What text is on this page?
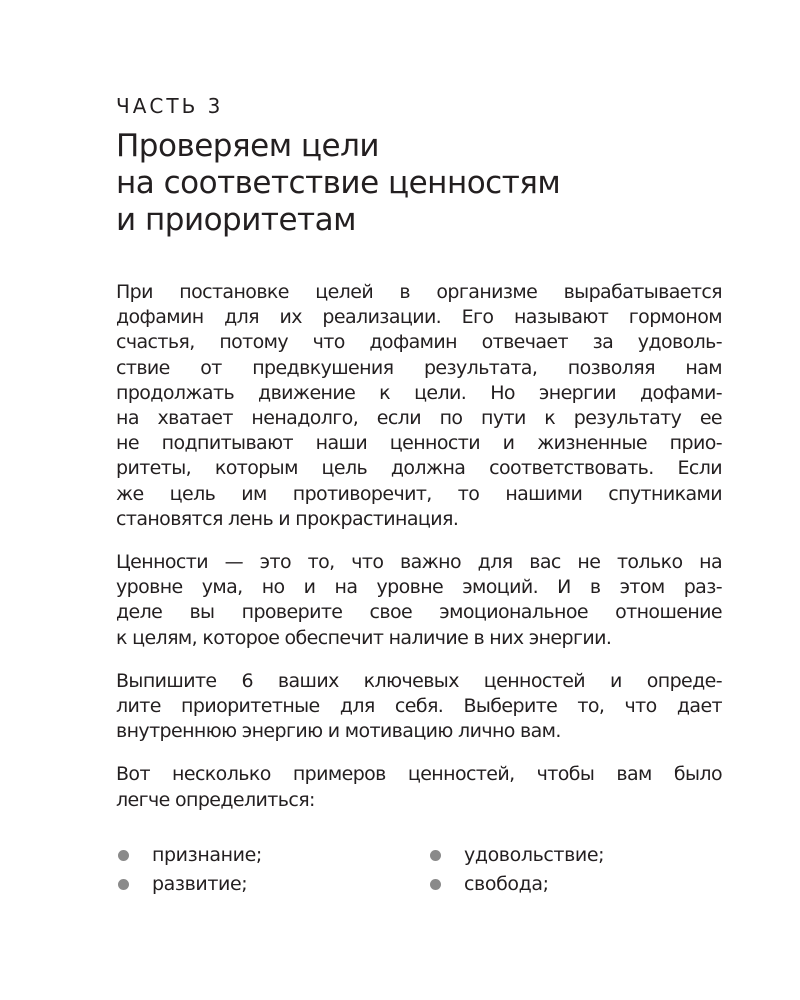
ЧАСТЬ 3
Проверяем цели
на соответствие ценностям
и приоритетам

При постановке целей в организме вырабатывается
дофамин для их реализации. Его называют гормоном
счастья, потому что дофамин отвечает за удоволь-
ствие от предвкушения результата, позволяя нам
продолжать движение к цели. Но энергии дофами-
на хватает ненадолго, если по пути к результату ее
не подпитывают наши ценности и жизненные прио-
ритеты, которым цель должна соответствовать. Если
же цель им противоречит, то нашими спутниками
становятся лень и прокрастинация.

Ценности — это то, что важно для вас не только на
уровне ума, но и на уровне эмоций. И в этом раз-
деле вы проверите свое эмоциональное отношение
к целям, которое обеспечит наличие в них энергии.

Выпишите 6 ваших ключевых ценностей и опреде-
лите приоритетные для себя. Выберите то, что дает
внутреннюю энергию и мотивацию лично вам.

Вот несколько примеров ценностей, чтобы вам было
легче определиться:

признание;	удовольствие;
развитие;	свобода;
